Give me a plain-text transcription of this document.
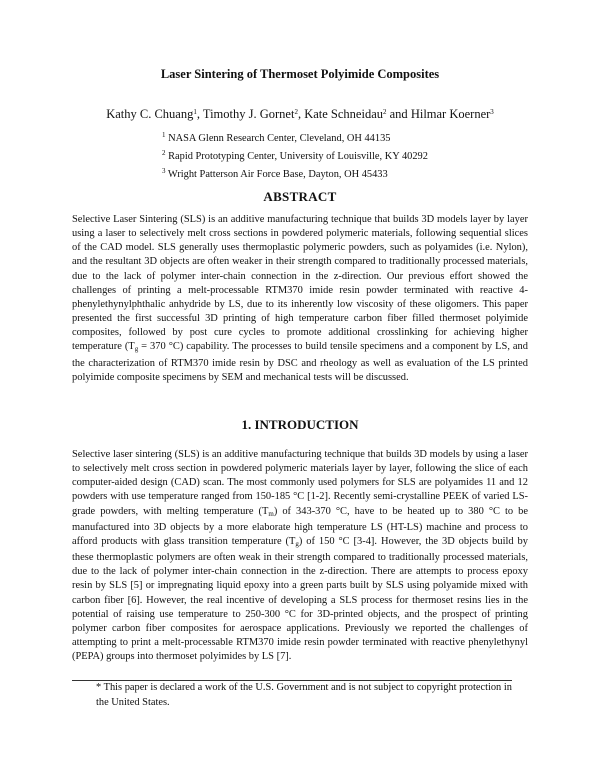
Laser Sintering of Thermoset Polyimide Composites
Kathy C. Chuang$^1$, Timothy J. Gornet$^2$, Kate Schneidau$^2$ and Hilmar Koerner$^3$
$^1$ NASA Glenn Research Center, Cleveland, OH 44135
$^2$ Rapid Prototyping Center, University of Louisville, KY 40292
$^3$ Wright Patterson Air Force Base, Dayton, OH 45433
ABSTRACT

Selective Laser Sintering (SLS) is an additive manufacturing technique that builds 3D models layer by layer using a laser to selectively melt cross sections in powdered polymeric materials, following sequential slices of the CAD model. SLS generally uses thermoplastic polymeric powders, such as polyamides (i.e. Nylon), and the resultant 3D objects are often weaker in their strength compared to traditionally processed materials, due to the lack of polymer inter-chain connection in the z-direction. Our previous effort showed the challenges of printing a melt-processable RTM370 imide resin powder terminated with reactive 4-phenylethynylphthalic anhydride by LS, due to its inherently low viscosity of these oligomers. This paper presented the first successful 3D printing of high temperature carbon fiber filled thermoset polyimide composites, followed by post cure cycles to promote additional crosslinking for achieving higher temperature ($T_g = 370$ °C) capability. The processes to build tensile specimens and a component by LS, and the characterization of RTM370 imide resin by DSC and rheology as well as evaluation of the LS printed polyimide composite specimens by SEM and mechanical tests will be discussed.

1. INTRODUCTION

Selective laser sintering (SLS) is an additive manufacturing technique that builds 3D models by using a laser to selectively melt cross section in powdered polymeric materials layer by layer, following the slice of each computer-aided design (CAD) scan. The most commonly used polymers for SLS are polyamides 11 and 12 powders with use temperature ranged from 150-185 °C [1-2]. Recently semi-crystalline PEEK of varied LS-grade powders, with melting temperature $(T_m)$ of 343-370 °C, have to be heated up to 380 °C to be manufactured into 3D objects by a more elaborate high temperature LS (HT-LS) machine and process to afford products with glass transition temperature $(T_g)$ of 150 °C [3-4]. However, the 3D objects build by these thermoplastic polymers are often weak in their strength compared to traditionally processed materials, due to the lack of polymer inter-chain connection in the z-direction. There are attempts to process epoxy resin by SLS [5] or impregnating liquid epoxy into a green parts built by SLS using polyamide mixed with carbon fiber [6]. However, the real incentive of developing a SLS process for thermoset resins lies in the potential of raising use temperature to 250-300 °C for 3D-printed objects, and the prospect of printing polymer carbon fiber composites for aerospace applications. Previously we reported the challenges of attempting to print a melt-processable RTM370 imide resin powder terminated with reactive phenylethynyl (PEPA) groups into thermoset polyimides by LS [7].

* This paper is declared a work of the U.S. Government and is not subject to copyright protection in the United States.
